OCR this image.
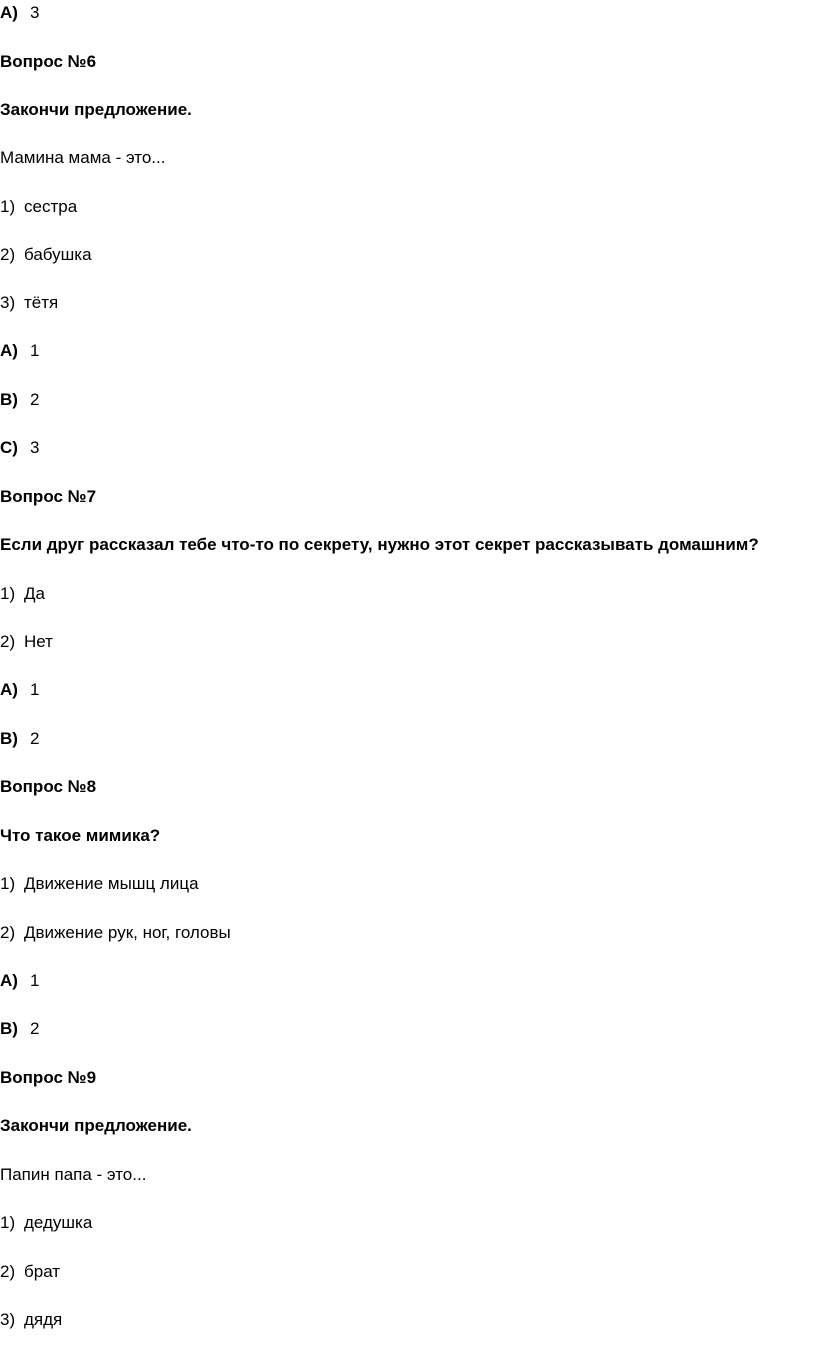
A) 3
Вопрос №6
Закончи предложение.
Мамина мама - это...
1) сестра
2) бабушка
3) тётя
A) 1
B) 2
C) 3
Вопрос №7
Если друг рассказал тебе что-то по секрету, нужно этот секрет рассказывать домашним?
1) Да
2) Нет
A) 1
B) 2
Вопрос №8
Что такое мимика?
1) Движение мышц лица
2) Движение рук, ног, головы
A) 1
B) 2
Вопрос №9
Закончи предложение.
Папин папа - это...
1) дедушка
2) брат
3) дядя
